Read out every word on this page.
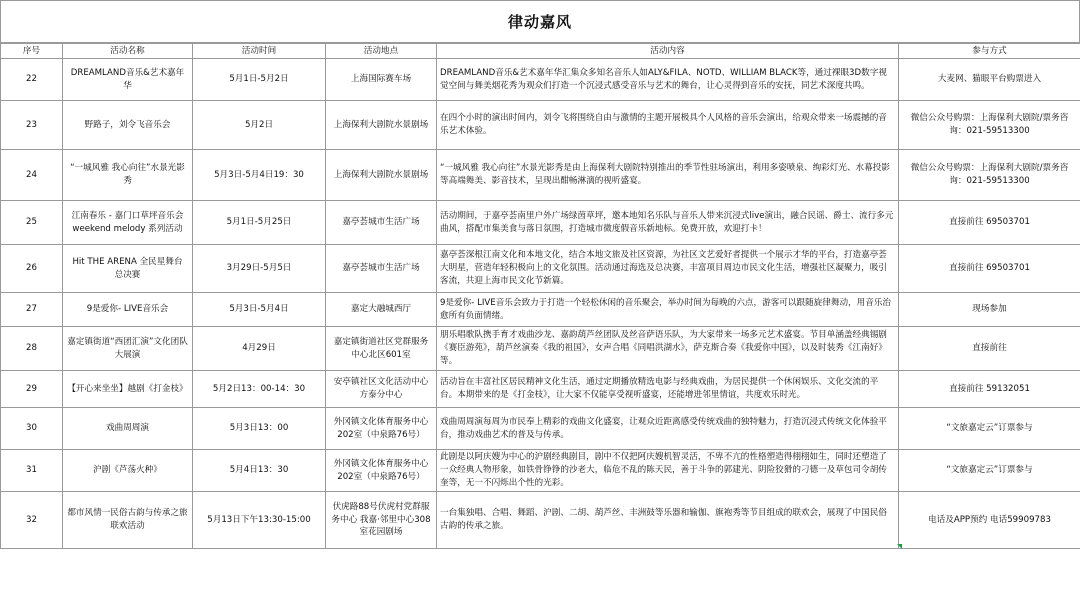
律动嘉风
序号	活动名称	活动时间	活动地点	活动内容	参与方式
22	DREAMLAND音乐&艺术嘉年华	5月1日-5月2日	上海国际赛车场	DREAMLAND音乐&艺术嘉年华汇集众多知名音乐人如ALY&FILA、NOTD、WILLIAM BLACK等，通过裸眼3D数字视觉空间与舞美烟花秀为观众们打造一个沉浸式感受音乐与艺术的舞台，让心灵得到音乐的安抚，同艺术深度共鸣。	大麦网、猫眼平台购票进入
23	野路子，刘令飞音乐会	5月2日	上海保利大剧院水景剧场	在四个小时的演出时间内，刘令飞将围绕自由与激情的主题开展极具个人风格的音乐会演出，给观众带来一场震撼的音乐艺术体验。	微信公众号购票：上海保利大剧院/票务咨询：021-59513300
24	“一城风雅 我心向往”水景光影秀	5月3日-5月4日19：30	上海保利大剧院水景剧场	“一城风雅 我心向往”水景光影秀是由上海保利大剧院特别推出的季节性驻场演出，利用多姿喷泉、绚彩灯光、水幕投影等高端舞美、影音技术，呈现出酣畅淋漓的视听盛宴。	微信公众号购票：上海保利大剧院/票务咨询：021-59513300
25	江南春乐 - 嘉门口草坪音乐会 weekend melody 系列活动	5月1日-5月25日	嘉亭荟城市生活广场	活动期间，于嘉亭荟南里户外广场绿茵草坪，邀本地知名乐队与音乐人带来沉浸式live演出，融合民谣、爵士、流行多元曲风，搭配市集美食与落日氛围，打造城市微度假音乐新地标。免费开放，欢迎打卡！	直接前往 69503701
26	Hit THE ARENA 全民星舞台 总决赛	3月29日-5月5日	嘉亭荟城市生活广场	嘉亭荟深根江南文化和本地文化，结合本地文旅及社区资源，为社区文艺爱好者提供一个展示才华的平台，打造嘉亭荟大明星，营造年轻积极向上的文化氛围。活动通过海选及总决赛，丰富项目周边市民文化生活，增强社区凝聚力，吸引客流，共迎上海市民文化节新篇。	直接前往 69503701
27	9是爱你- LIVE音乐会	5月3日-5月4日	嘉定大融城西厅	9是爱你- LIVE音乐会致力于打造一个轻松休闲的音乐聚会，举办时间为每晚的六点，游客可以跟随旋律舞动，用音乐治愈所有负面情绪。	现场参加
28	嘉定镇街道“西团汇演”文化团队大展演	4月29日	嘉定镇街道社区党群服务中心北区601室	朋乐唱歌队携手育才戏曲沙龙、嘉韵葫芦丝团队及丝音萨语乐队，为大家带来一场多元艺术盛宴。节目单涵盖经典锡剧《赛臣游苑》，葫芦丝演奏《我的祖国》，女声合唱《同唱洪湖水》，萨克斯合奏《我爱你中国》，以及时装秀《江南好》等。	直接前往
29	【开心来坐坐】越剧《打金枝》	5月2日13：00-14：30	安亭镇社区文化活动中心方泰分中心	活动旨在丰富社区居民精神文化生活，通过定期播放精选电影与经典戏曲，为居民提供一个休闲娱乐、文化交流的平台。本期带来的是《打金枝》，让大家不仅能享受视听盛宴，还能增进邻里情谊，共度欢乐时光。	直接前往 59132051
30	戏曲周周演	5月3日13：00	外冈镇文化体育服务中心202室（中泉路76号）	戏曲周周演每周为市民奉上精彩的戏曲文化盛宴，让观众近距离感受传统戏曲的独特魅力，打造沉浸式传统文化体验平台，推动戏曲艺术的普及与传承。	“文旅嘉定云”订票参与
31	沪剧《芦荡火种》	5月4日13：30	外冈镇文化体育服务中心202室（中泉路76号）	此剧是以阿庆嫂为中心的沪剧经典剧目，剧中不仅把阿庆嫂机智灵活，不卑不亢的性格塑造得栩栩如生，同时还塑造了一众经典人物形象，如铁骨铮铮的沙老大，临危不乱的陈天民，善于斗争的郭建光、阴险狡猾的刁德一及草包司令胡传奎等，无一不闪烁出个性的光彩。	“文旅嘉定云”订票参与
32	都市风情一民俗古韵与传承之旅联欢活动	5月13日下午13:30-15:00	伏虎路88号伏虎村党群服务中心 我嘉·邻里中心308室花园剧场	一台集独唱、合唱、舞蹈、沪剧、二胡、葫芦丝、丰洲鼓等乐器和输伽、旗袍秀等节目组成的联欢会，展现了中国民俗古韵的传承之旅。	电话及APP预约 电话59909783
